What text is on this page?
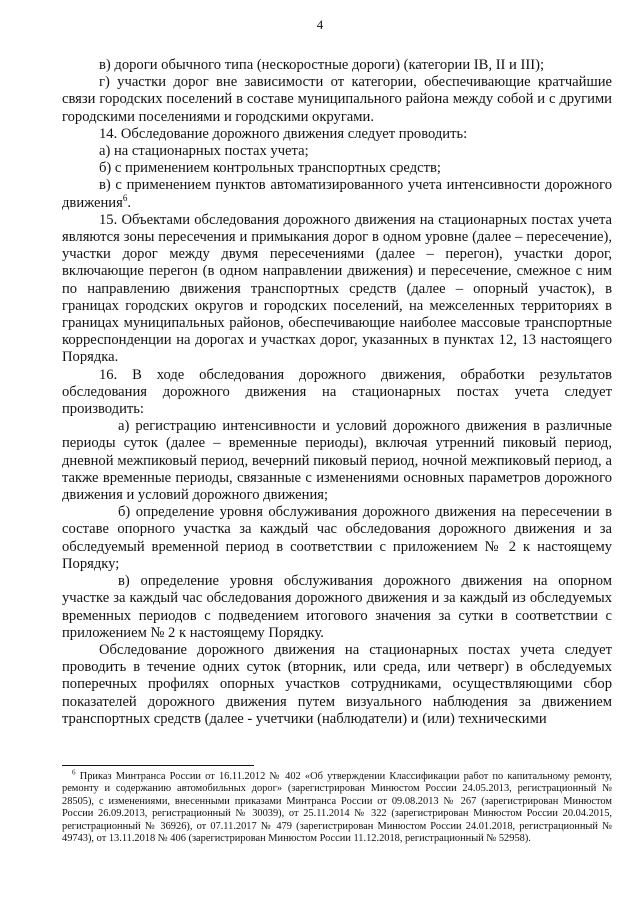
4

в) дороги обычного типа (нескоростные дороги) (категории IB, II и III);

г) участки дорог вне зависимости от категории, обеспечивающие кратчайшие связи городских поселений в составе муниципального района между собой и с другими городскими поселениями и городскими округами.

14. Обследование дорожного движения следует проводить:

а) на стационарных постах учета;

б) с применением контрольных транспортных средств;

в) с применением пунктов автоматизированного учета интенсивности дорожного движения$^6$.

15. Объектами обследования дорожного движения на стационарных постах учета являются зоны пересечения и примыкания дорог в одном уровне (далее – пересечение), участки дорог между двумя пересечениями (далее – перегон), участки дорог, включающие перегон (в одном направлении движения) и пересечение, смежное с ним по направлению движения транспортных средств (далее – опорный участок), в границах городских округов и городских поселений, на межселенных территориях в границах муниципальных районов, обеспечивающие наиболее массовые транспортные корреспонденции на дорогах и участках дорог, указанных в пунктах 12, 13 настоящего Порядка.

16. В ходе обследования дорожного движения, обработки результатов обследования дорожного движения на стационарных постах учета следует производить:

а) регистрацию интенсивности и условий дорожного движения в различные периоды суток (далее – временные периоды), включая утренний пиковый период, дневной межпиковый период, вечерний пиковый период, ночной межпиковый период, а также временные периоды, связанные с изменениями основных параметров дорожного движения и условий дорожного движения;

б) определение уровня обслуживания дорожного движения на пересечении в составе опорного участка за каждый час обследования дорожного движения и за обследуемый временной период в соответствии с приложением № 2 к настоящему Порядку;

в) определение уровня обслуживания дорожного движения на опорном участке за каждый час обследования дорожного движения и за каждый из обследуемых временных периодов с подведением итогового значения за сутки в соответствии с приложением № 2 к настоящему Порядку.

Обследование дорожного движения на стационарных постах учета следует проводить в течение одних суток (вторник, или среда, или четверг) в обследуемых поперечных профилях опорных участков сотрудниками, осуществляющими сбор показателей дорожного движения путем визуального наблюдения за движением транспортных средств (далее - учетчики (наблюдатели) и (или) техническими

$^6$ Приказ Минтранса России от 16.11.2012 № 402 «Об утверждении Классификации работ по капитальному ремонту, ремонту и содержанию автомобильных дорог» (зарегистрирован Минюстом России 24.05.2013, регистрационный № 28505), с изменениями, внесенными приказами Минтранса России от 09.08.2013 № 267 (зарегистрирован Минюстом России 26.09.2013, регистрационный № 30039), от 25.11.2014 № 322 (зарегистрирован Минюстом России 20.04.2015, регистрационный № 36926), от 07.11.2017 № 479 (зарегистрирован Минюстом России 24.01.2018, регистрационный № 49743), от 13.11.2018 № 406 (зарегистрирован Минюстом России 11.12.2018, регистрационный № 52958).
